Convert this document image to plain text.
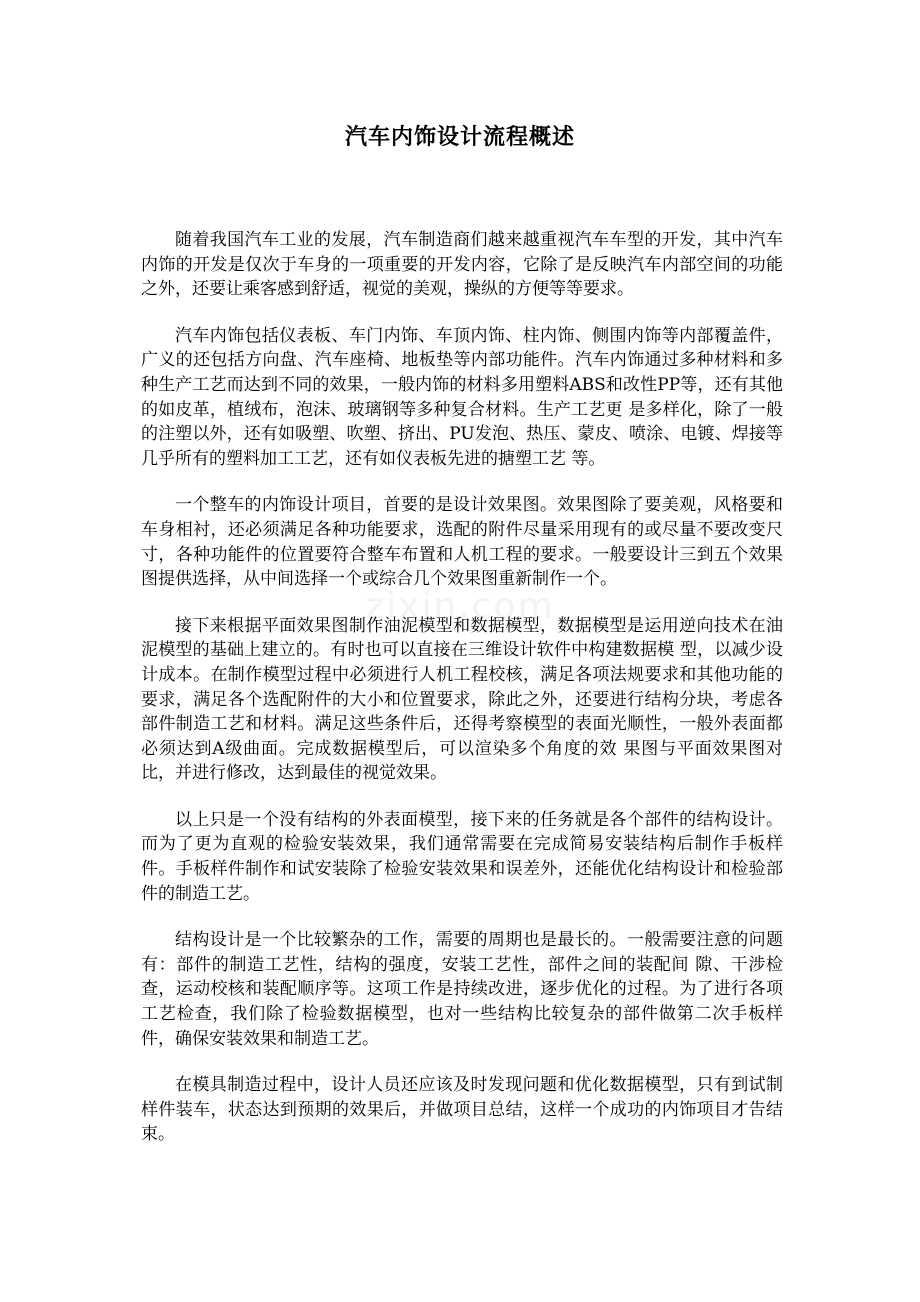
zixin.com
汽车内饰设计流程概述

随着我国汽车工业的发展，汽车制造商们越来越重视汽车车型的开发，其中汽车内饰的开发是仅次于车身的一项重要的开发内容，它除了是反映汽车内部空间的功能之外，还要让乘客感到舒适，视觉的美观，操纵的方便等等要求。

汽车内饰包括仪表板、车门内饰、车顶内饰、柱内饰、侧围内饰等内部覆盖件，广义的还包括方向盘、汽车座椅、地板垫等内部功能件。汽车内饰通过多种材料和多种生产工艺而达到不同的效果，一般内饰的材料多用塑料ABS和改性PP等，还有其他的如皮革，植绒布，泡沫、玻璃钢等多种复合材料。生产工艺更 是多样化，除了一般的注塑以外，还有如吸塑、吹塑、挤出、PU发泡、热压、蒙皮、喷涂、电镀、焊接等几乎所有的塑料加工工艺，还有如仪表板先进的搪塑工艺 等。

一个整车的内饰设计项目，首要的是设计效果图。效果图除了要美观，风格要和车身相衬，还必须满足各种功能要求，选配的附件尽量采用现有的或尽量不要改变尺寸，各种功能件的位置要符合整车布置和人机工程的要求。一般要设计三到五个效果图提供选择，从中间选择一个或综合几个效果图重新制作一个。

接下来根据平面效果图制作油泥模型和数据模型，数据模型是运用逆向技术在油泥模型的基础上建立的。有时也可以直接在三维设计软件中构建数据模 型，以减少设计成本。在制作模型过程中必须进行人机工程校核，满足各项法规要求和其他功能的要求，满足各个选配附件的大小和位置要求，除此之外，还要进行结构分块，考虑各部件制造工艺和材料。满足这些条件后，还得考察模型的表面光顺性，一般外表面都必须达到A级曲面。完成数据模型后，可以渲染多个角度的效 果图与平面效果图对比，并进行修改，达到最佳的视觉效果。

以上只是一个没有结构的外表面模型，接下来的任务就是各个部件的结构设计。而为了更为直观的检验安装效果，我们通常需要在完成简易安装结构后制作手板样件。手板样件制作和试安装除了检验安装效果和误差外，还能优化结构设计和检验部件的制造工艺。

结构设计是一个比较繁杂的工作，需要的周期也是最长的。一般需要注意的问题有：部件的制造工艺性，结构的强度，安装工艺性，部件之间的装配间 隙、干涉检查，运动校核和装配顺序等。这项工作是持续改进，逐步优化的过程。为了进行各项工艺检查，我们除了检验数据模型，也对一些结构比较复杂的部件做第二次手板样件，确保安装效果和制造工艺。

在模具制造过程中，设计人员还应该及时发现问题和优化数据模型，只有到试制样件装车，状态达到预期的效果后，并做项目总结，这样一个成功的内饰项目才告结束。
